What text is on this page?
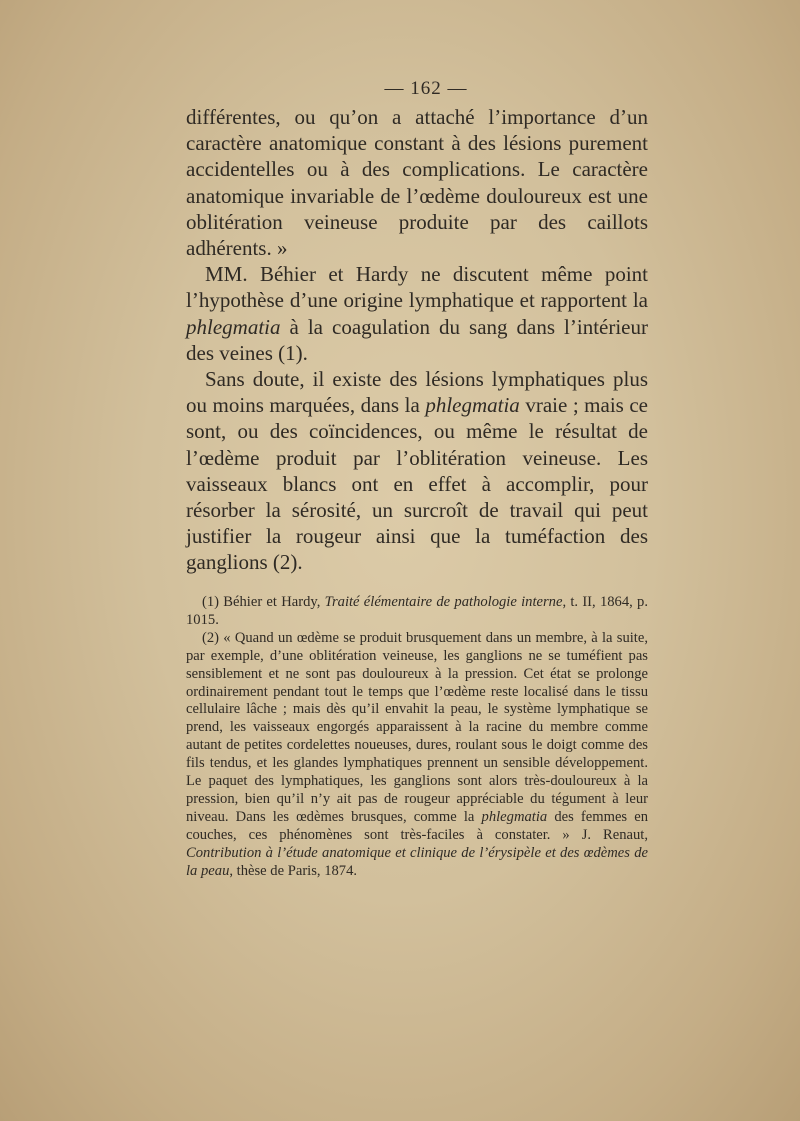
— 162 —

différentes, ou qu’on a attaché l’importance d’un caractère anatomique constant à des lésions purement accidentelles ou à des complications. Le caractère anatomique invariable de l’œdème douloureux est une oblitération veineuse produite par des caillots adhérents. »

MM. Béhier et Hardy ne discutent même point l’hypothèse d’une origine lymphatique et rapportent la phlegmatia à la coagulation du sang dans l’intérieur des veines (1).

Sans doute, il existe des lésions lymphatiques plus ou moins marquées, dans la phlegmatia vraie ; mais ce sont, ou des coïncidences, ou même le résultat de l’œdème produit par l’oblitération veineuse. Les vaisseaux blancs ont en effet à accomplir, pour résorber la sérosité, un surcroît de travail qui peut justifier la rougeur ainsi que la tuméfaction des ganglions (2).

(1) Béhier et Hardy, Traité élémentaire de pathologie interne, t. II, 1864, p. 1015.

(2) « Quand un œdème se produit brusquement dans un membre, à la suite, par exemple, d’une oblitération veineuse, les ganglions ne se tuméfient pas sensiblement et ne sont pas douloureux à la pression. Cet état se prolonge ordinairement pendant tout le temps que l’œdème reste localisé dans le tissu cellulaire lâche ; mais dès qu’il envahit la peau, le système lymphatique se prend, les vaisseaux engorgés apparaissent à la racine du membre comme autant de petites cordelettes noueuses, dures, roulant sous le doigt comme des fils tendus, et les glandes lymphatiques prennent un sensible développement. Le paquet des lymphatiques, les ganglions sont alors très-douloureux à la pression, bien qu’il n’y ait pas de rougeur appréciable du tégument à leur niveau. Dans les œdèmes brusques, comme la phlegmatia des femmes en couches, ces phénomènes sont très-faciles à constater. » J. Renaut, Contribution à l’étude anatomique et clinique de l’érysipèle et des œdèmes de la peau, thèse de Paris, 1874.
